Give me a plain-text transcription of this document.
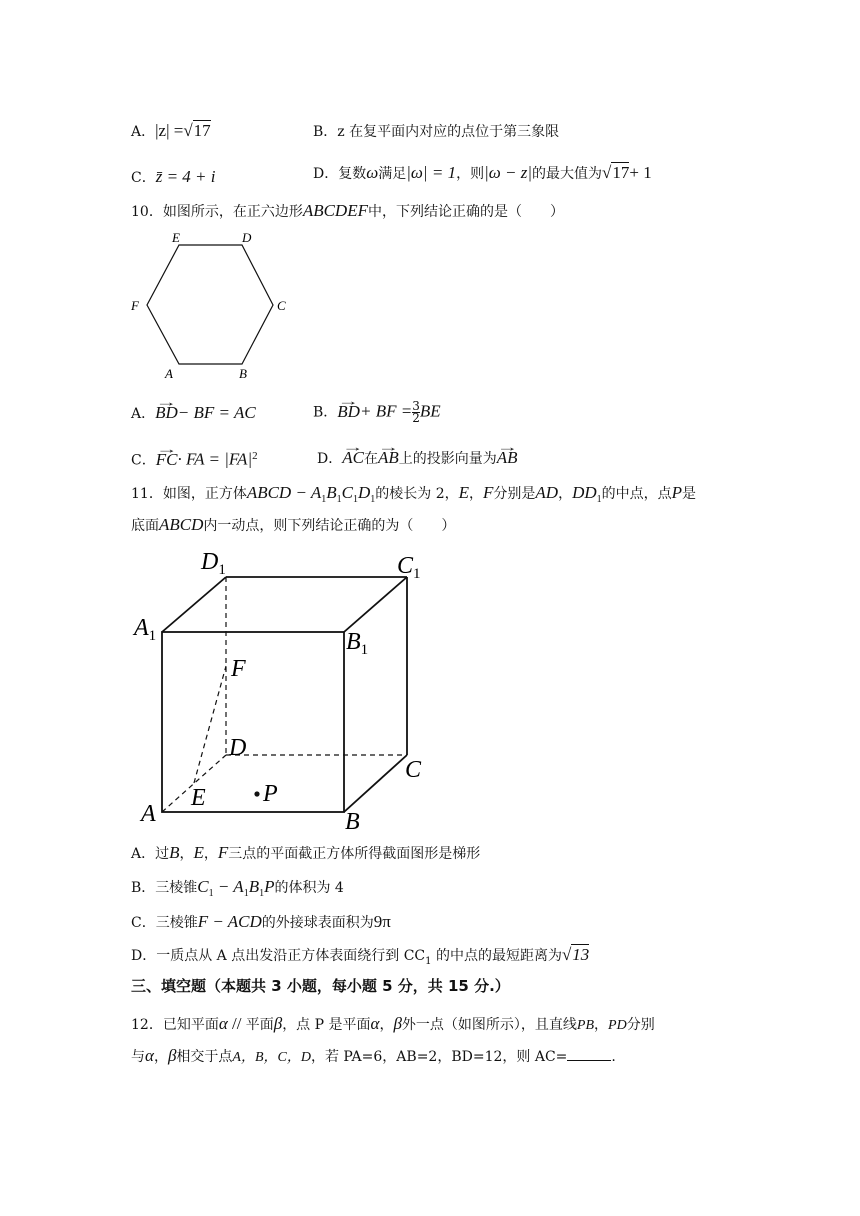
A．|z| =√17	B．z 在复平面内对应的点位于第三象限
C．z̄ = 4 + i	D．复数ω满足|ω| = 1，则|ω − z|的最大值为√17+ 1
10．如图所示，在正六边形ABCDEF中，下列结论正确的是（　　）
E	D
F	C
A	B
A．→ BD− BF = AC	B．→ BD+ BF = $\frac{3}{2}$ BE
C．→ FC· FA = $|FA|^2$	D．→ AC在→ AB上的投影向量为→ AB
11．如图，正方体ABCD − $A_1B_1C_1D_1$的棱长为 2，E，F分别是AD，$DD_1$的中点，点P是
底面ABCD内一动点，则下列结论正确的为（　　）
$D_1$	$C_1$
$A_1$	$B_1$
F
D
C
A
E P
B
A．过B，E，F三点的平面截正方体所得截面图形是梯形
B．三棱锥$C_1 - A_1B_1P$的体积为 4
C．三棱锥F − ACD的外接球表面积为9π
D．一质点从 A 点出发沿正方体表面绕行到 $CC_1$ 的中点的最短距离为√13
三、填空题（本题共 3 小题，每小题 5 分，共 15 分.）
12．已知平面α // 平面β，点 P 是平面α，β外一点（如图所示），且直线PB，PD分别
与α，β相交于点A，B，C，D，若 PA=6，AB=2，BD=12，则 AC=	.
